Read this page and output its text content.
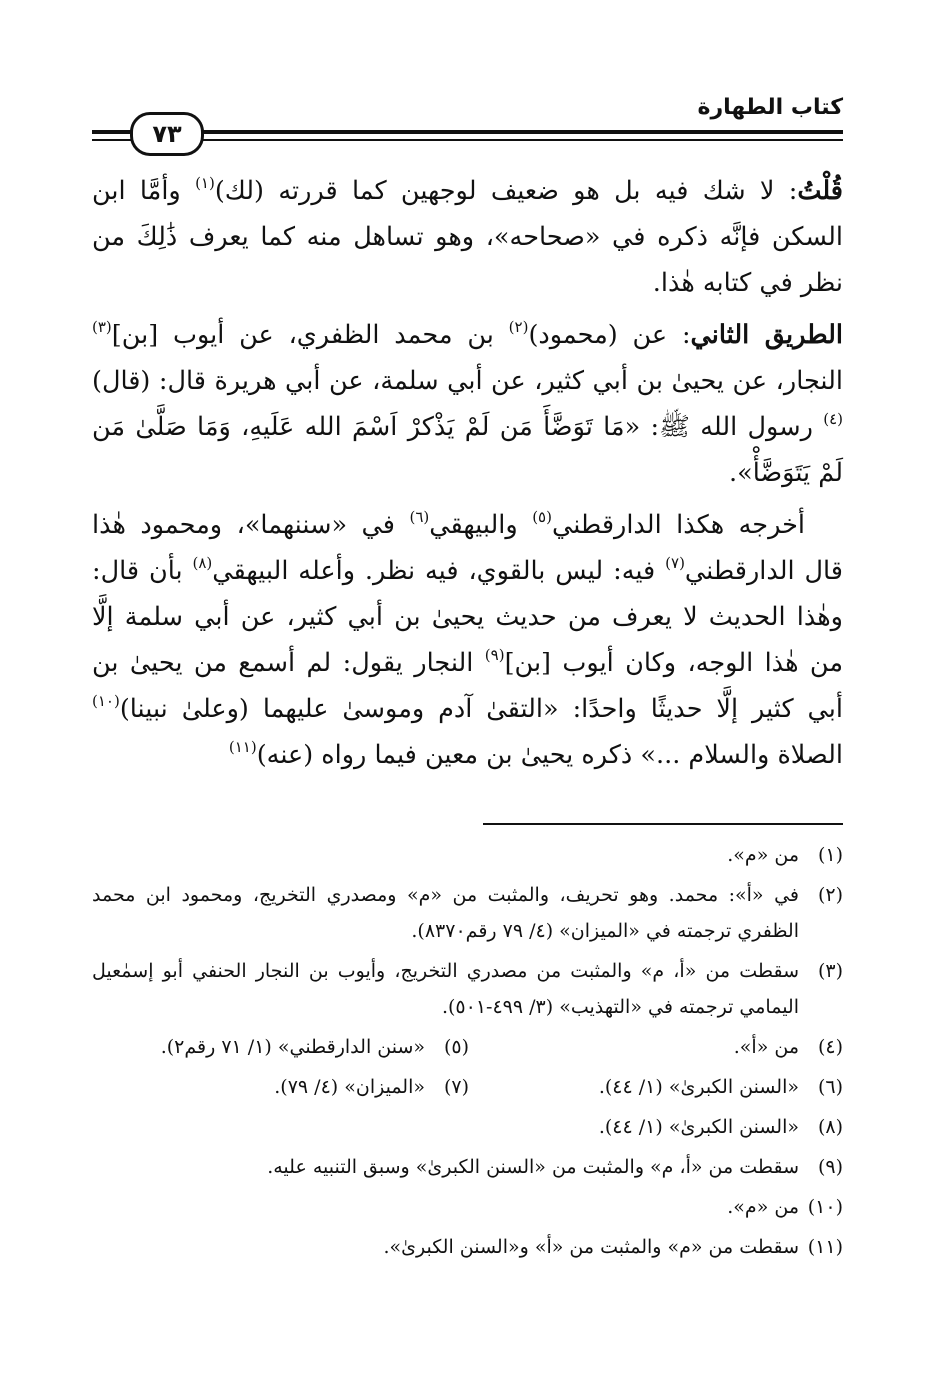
كتاب الطهارة
٧٣

قُلْتُ: لا شك فيه بل هو ضعيف لوجهين كما قررته (لك)$^{(١)}$ وأمَّا ابن السكن فإنَّه ذكره في «صحاحه»، وهو تساهل منه كما يعرف ذَٰلِكَ من نظر في كتابه هٰذا.

الطريق الثاني: عن (محمود)$^{(٢)}$ بن محمد الظفري، عن أيوب [بن]$^{(٣)}$ النجار، عن يحيىٰ بن أبي كثير، عن أبي سلمة، عن أبي هريرة قال: (قال)$^{(٤)}$ رسول الله ﷺ: «مَا تَوَضَّأَ مَن لَمْ يَذْكرْ اَسْمَ الله عَلَيهِ، وَمَا صَلَّىٰ مَن لَمْ يَتَوَضَّأْ».

أخرجه هكذا الدارقطني$^{(٥)}$ والبيهقي$^{(٦)}$ في «سننهما»، ومحمود هٰذا قال الدارقطني$^{(٧)}$ فيه: ليس بالقوي، فيه نظر. وأعله البيهقي$^{(٨)}$ بأن قال: وهٰذا الحديث لا يعرف من حديث يحيىٰ بن أبي كثير، عن أبي سلمة إلَّا من هٰذا الوجه، وكان أيوب [بن]$^{(٩)}$ النجار يقول: لم أسمع من يحيىٰ بن أبي كثير إلَّا حديثًا واحدًا: «التقىٰ آدم وموسىٰ عليهما (وعلىٰ نبينا)$^{(١٠)}$ الصلاة والسلام ...» ذكره يحيىٰ بن معين فيما رواه (عنه)$^{(١١)}$

(١)
من «م».
(٢)
في «أ»: محمد. وهو تحريف، والمثبت من «م» ومصدري التخريج، ومحمود ابن محمد الظفري ترجمته في «الميزان» (٤/ ٧٩ رقم٨٣٧٠).
(٣)
سقطت من «أ، م» والمثبت من مصدري التخريج، وأيوب بن النجار الحنفي أبو إسمٰعيل اليمامي ترجمته في «التهذيب» (٣/ ٤٩٩-٥٠١).
(٤)
من «أ».
(٥)
«سنن الدارقطني» (١/ ٧١ رقم٢).
(٦)
«السنن الكبرىٰ» (١/ ٤٤).
(٧)
«الميزان» (٤/ ٧٩).
(٨)
«السنن الكبرىٰ» (١/ ٤٤).
(٩)
سقطت من «أ، م» والمثبت من «السنن الكبرىٰ» وسبق التنبيه عليه.
(١٠)
من «م».
(١١)
سقطت من «م» والمثبت من «أ» و«السنن الكبرىٰ».
